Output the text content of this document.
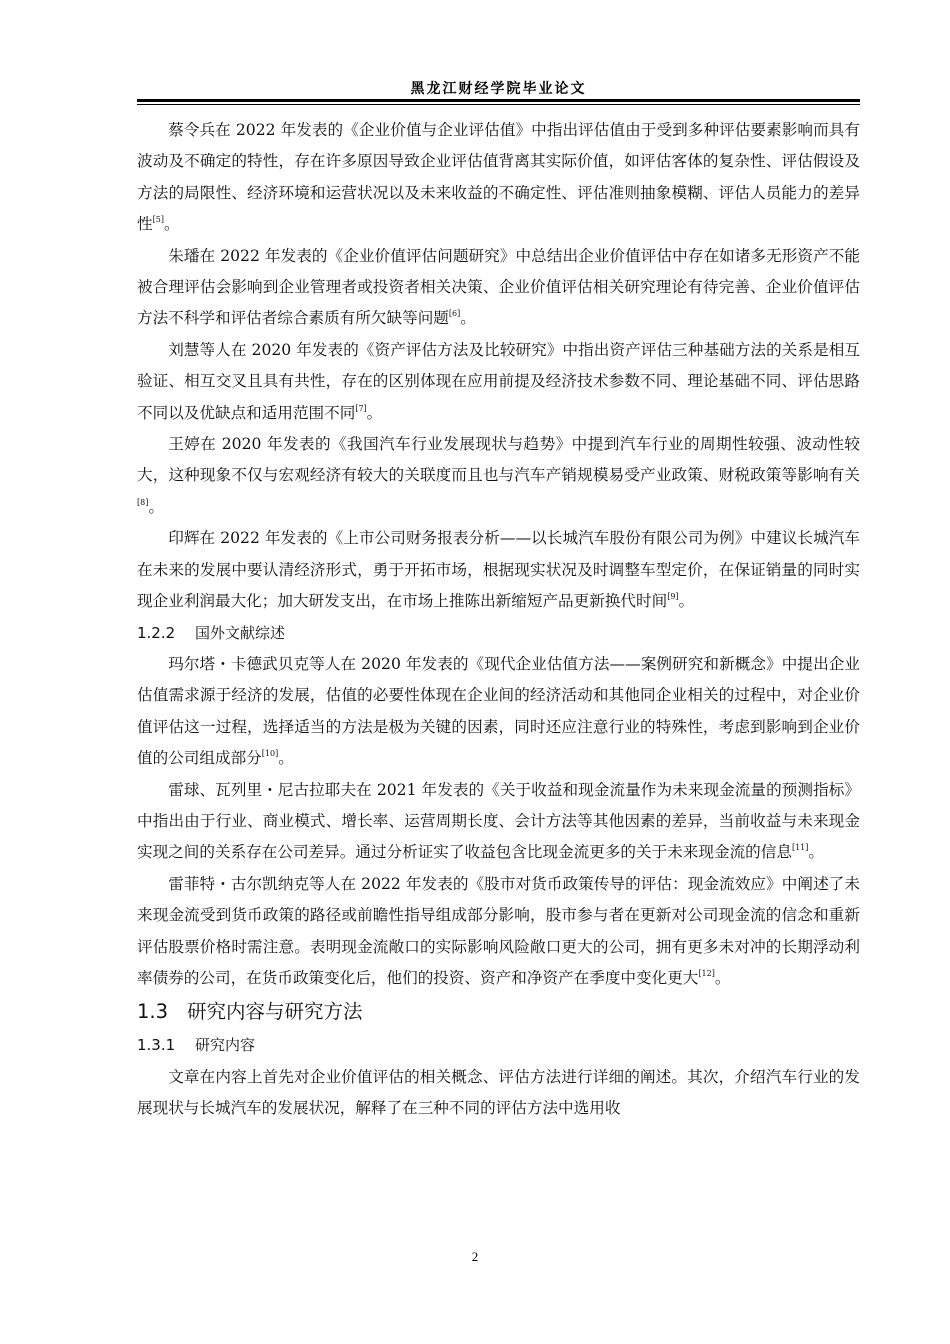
黑龙江财经学院毕业论文

蔡令兵在 2022 年发表的《企业价值与企业评估值》中指出评估值由于受到多种评估要素影响而具有波动及不确定的特性，存在许多原因导致企业评估值背离其实际价值，如评估客体的复杂性、评估假设及方法的局限性、经济环境和运营状况以及未来收益的不确定性、评估准则抽象模糊、评估人员能力的差异性[5]。

朱璠在 2022 年发表的《企业价值评估问题研究》中总结出企业价值评估中存在如诸多无形资产不能被合理评估会影响到企业管理者或投资者相关决策、企业价值评估相关研究理论有待完善、企业价值评估方法不科学和评估者综合素质有所欠缺等问题[6]。

刘慧等人在 2020 年发表的《资产评估方法及比较研究》中指出资产评估三种基础方法的关系是相互验证、相互交叉且具有共性，存在的区别体现在应用前提及经济技术参数不同、理论基础不同、评估思路不同以及优缺点和适用范围不同[7]。

王婷在 2020 年发表的《我国汽车行业发展现状与趋势》中提到汽车行业的周期性较强、波动性较大，这种现象不仅与宏观经济有较大的关联度而且也与汽车产销规模易受产业政策、财税政策等影响有关[8]。

印辉在 2022 年发表的《上市公司财务报表分析——以长城汽车股份有限公司为例》中建议长城汽车在未来的发展中要认清经济形式，勇于开拓市场，根据现实状况及时调整车型定价，在保证销量的同时实现企业利润最大化；加大研发支出，在市场上推陈出新缩短产品更新换代时间[9]。

1.2.2 国外文献综述

玛尔塔・卡德武贝克等人在 2020 年发表的《现代企业估值方法——案例研究和新概念》中提出企业估值需求源于经济的发展，估值的必要性体现在企业间的经济活动和其他同企业相关的过程中，对企业价值评估这一过程，选择适当的方法是极为关键的因素，同时还应注意行业的特殊性，考虑到影响到企业价值的公司组成部分[10]。

雷球、瓦列里・尼古拉耶夫在 2021 年发表的《关于收益和现金流量作为未来现金流量的预测指标》中指出由于行业、商业模式、增长率、运营周期长度、会计方法等其他因素的差异，当前收益与未来现金实现之间的关系存在公司差异。通过分析证实了收益包含比现金流更多的关于未来现金流的信息[11]。

雷菲特・古尔凯纳克等人在 2022 年发表的《股市对货币政策传导的评估：现金流效应》中阐述了未来现金流受到货币政策的路径或前瞻性指导组成部分影响，股市参与者在更新对公司现金流的信念和重新评估股票价格时需注意。表明现金流敞口的实际影响风险敞口更大的公司，拥有更多未对冲的长期浮动利率债券的公司，在货币政策变化后，他们的投资、资产和净资产在季度中变化更大[12]。

1.3 研究内容与研究方法
1.3.1 研究内容

文章在内容上首先对企业价值评估的相关概念、评估方法进行详细的阐述。其次，介绍汽车行业的发展现状与长城汽车的发展状况，解释了在三种不同的评估方法中选用收

2
